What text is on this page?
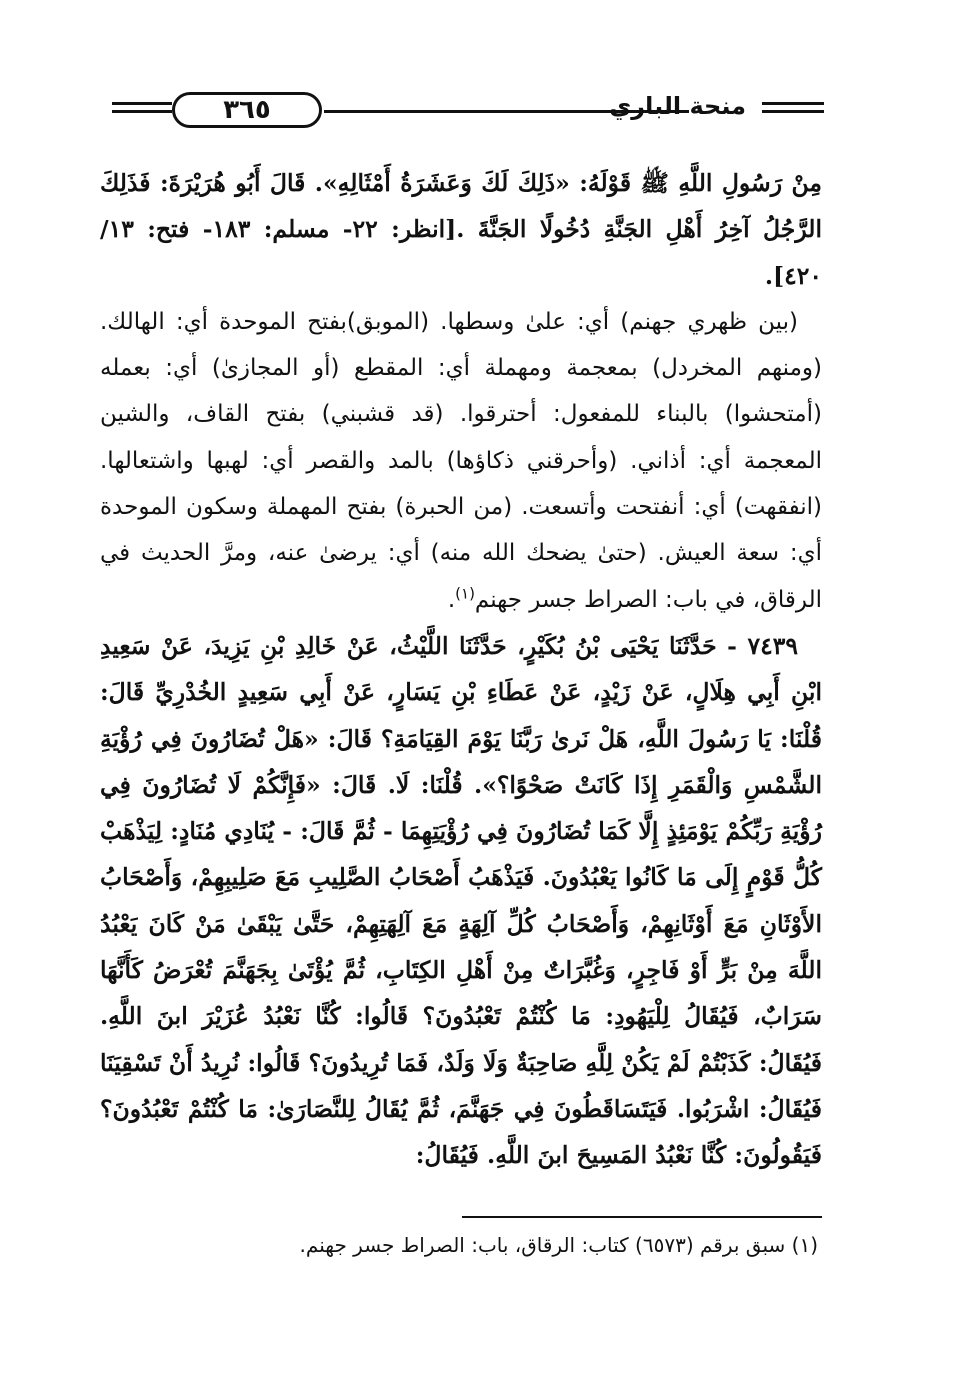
٣٦٥	منحة الباري

مِنْ رَسُولِ اللَّهِ ﷺ قَوْلَهُ: «ذَلِكَ لَكَ وَعَشَرَةُ أَمْثَالِهِ». قَالَ أَبُو هُرَيْرَةَ: فَذَلِكَ الرَّجُلُ آخِرُ أَهْلِ الجَنَّةِ دُخُولًا الجَنَّةَ .[انظر: ٢٢- مسلم: ١٨٣- فتح: ١٣/ ٤٢٠].

(بين ظهري جهنم) أي: علىٰ وسطها. (الموبق)بفتح الموحدة أي: الهالك. (ومنهم المخردل) بمعجمة ومهملة أي: المقطع (أو المجازىٰ) أي: بعمله (أمتحشوا) بالبناء للمفعول: أحترقوا. (قد قشبني) بفتح القاف، والشين المعجمة أي: أذاني. (وأحرقني ذكاؤها) بالمد والقصر أي: لهبها واشتعالها. (انفقهت) أي: أنفتحت وأتسعت. (من الحبرة) بفتح المهملة وسكون الموحدة أي: سعة العيش. (حتىٰ يضحك الله منه) أي: يرضىٰ عنه، ومرَّ الحديث في الرقاق، في باب: الصراط جسر جهنم$^{(١)}$.

٧٤٣٩ - حَدَّثَنَا يَحْيَى بْنُ بُكَيْرٍ، حَدَّثَنَا اللَّيْثُ، عَنْ خَالِدِ بْنِ يَزِيدَ، عَنْ سَعِيدِ ابْنِ أَبِي هِلَالٍ، عَنْ زَيْدٍ، عَنْ عَطَاءِ بْنِ يَسَارٍ، عَنْ أَبِي سَعِيدٍ الخُدْرِيِّ قَالَ: قُلْنَا: يَا رَسُولَ اللَّهِ، هَلْ نَرىٰ رَبَّنَا يَوْمَ القِيَامَةِ؟ قَالَ: «هَلْ تُضَارُونَ فِي رُؤْيَةِ الشَّمْسِ وَالْقَمَرِ إِذَا كَانَتْ صَحْوًا؟». قُلْنَا: لَا. قَالَ: «فَإِنَّكُمْ لَا تُضَارُونَ فِي رُؤْيَةِ رَبِّكُمْ يَوْمَئِذٍ إِلَّا كَمَا تُضَارُونَ فِي رُؤْيَتِهِمَا - ثُمَّ قَالَ: - يُنَادِي مُنَادٍ: لِيَذْهَبْ كُلُّ قَوْمٍ إِلَى مَا كَانُوا يَعْبُدُونَ. فَيَذْهَبُ أَصْحَابُ الصَّلِيبِ مَعَ صَلِيبِهِمْ، وَأَصْحَابُ الأَوْثَانِ مَعَ أَوْثَانِهِمْ، وَأَصْحَابُ كُلِّ آلِهَةٍ مَعَ آلِهَتِهِمْ، حَتَّىٰ يَبْقَىٰ مَنْ كَانَ يَعْبُدُ اللَّهَ مِنْ بَرٍّ أَوْ فَاجِرٍ، وَغُبَّرَاتٌ مِنْ أَهْلِ الكِتَابِ، ثُمَّ يُؤْتَىٰ بِجَهَنَّمَ تُعْرَضُ كَأَنَّهَا سَرَابٌ، فَيُقَالُ لِلْيَهُودِ: مَا كُنْتُمْ تَعْبُدُونَ؟ قَالُوا: كُنَّا نَعْبُدُ عُزَيْرَ ابنَ اللَّهِ. فَيُقَالُ: كَذَبْتُمْ لَمْ يَكُنْ لِلَّهِ صَاحِبَةٌ وَلَا وَلَدٌ، فَمَا تُرِيدُونَ؟ قَالُوا: نُرِيدُ أَنْ تَسْقِيَنَا فَيُقَالُ: اشْرَبُوا. فَيَتَسَاقَطُونَ فِي جَهَنَّمَ، ثُمَّ يُقَالُ لِلنَّصَارَىٰ: مَا كُنْتُمْ تَعْبُدُونَ؟ فَيَقُولُونَ: كُنَّا نَعْبُدُ المَسِيحَ ابنَ اللَّهِ. فَيُقَالُ:

(١) سبق برقم (٦٥٧٣) كتاب: الرقاق، باب: الصراط جسر جهنم.
